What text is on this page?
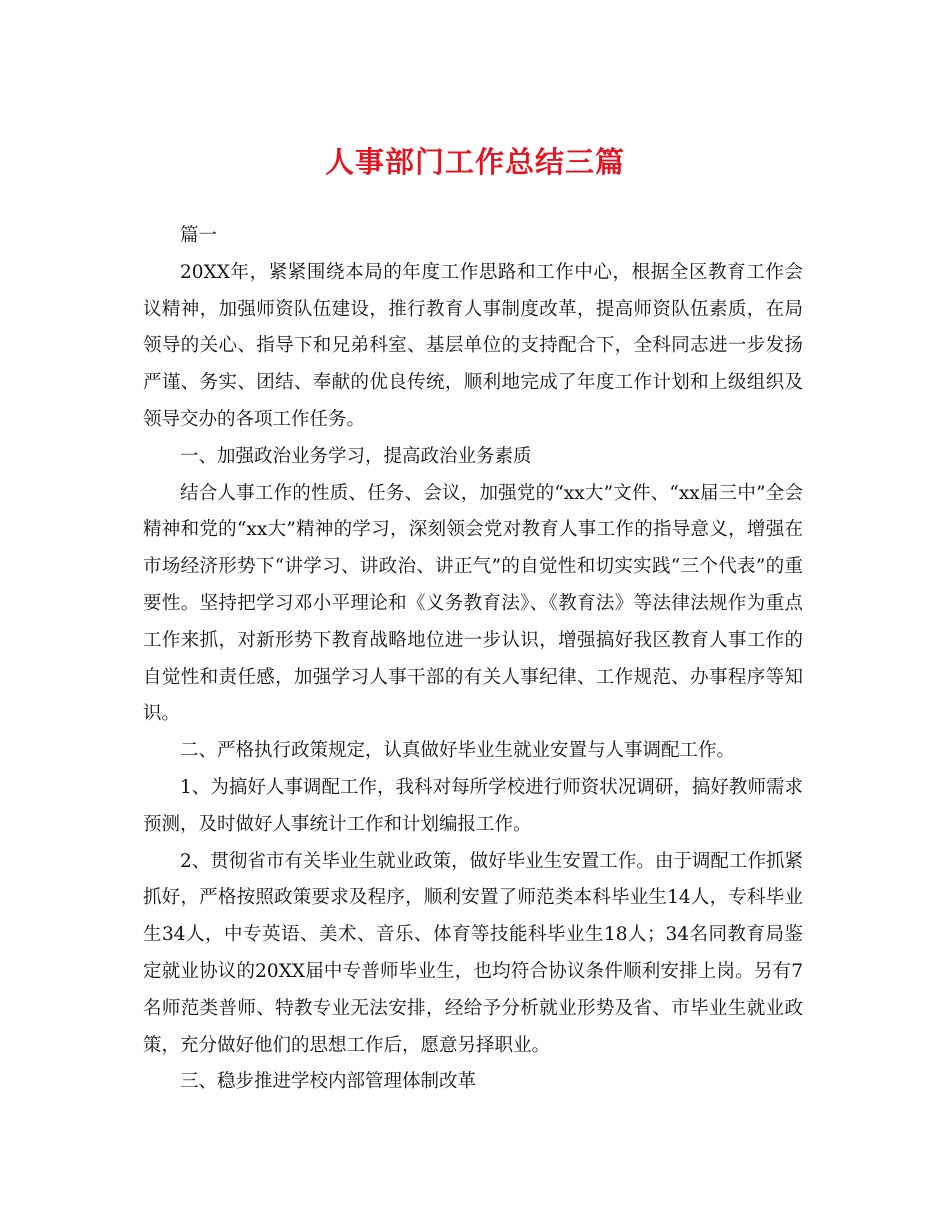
人事部门工作总结三篇

篇一

20XX年，紧紧围绕本局的年度工作思路和工作中心，根据全区教育工作会议精神，加强师资队伍建设，推行教育人事制度改革，提高师资队伍素质，在局领导的关心、指导下和兄弟科室、基层单位的支持配合下，全科同志进一步发扬严谨、务实、团结、奉献的优良传统，顺利地完成了年度工作计划和上级组织及领导交办的各项工作任务。

一、加强政治业务学习，提高政治业务素质

结合人事工作的性质、任务、会议，加强党的“xx大”文件、“xx届三中”全会精神和党的“xx大”精神的学习，深刻领会党对教育人事工作的指导意义，增强在市场经济形势下“讲学习、讲政治、讲正气”的自觉性和切实实践“三个代表”的重要性。坚持把学习邓小平理论和《义务教育法》、《教育法》等法律法规作为重点工作来抓，对新形势下教育战略地位进一步认识，增强搞好我区教育人事工作的自觉性和责任感，加强学习人事干部的有关人事纪律、工作规范、办事程序等知识。

二、严格执行政策规定，认真做好毕业生就业安置与人事调配工作。

1、为搞好人事调配工作，我科对每所学校进行师资状况调研，搞好教师需求预测，及时做好人事统计工作和计划编报工作。

2、贯彻省市有关毕业生就业政策，做好毕业生安置工作。由于调配工作抓紧抓好，严格按照政策要求及程序，顺利安置了师范类本科毕业生14人，专科毕业生34人，中专英语、美术、音乐、体育等技能科毕业生18人；34名同教育局鉴定就业协议的20XX届中专普师毕业生，也均符合协议条件顺利安排上岗。另有7名师范类普师、特教专业无法安排，经给予分析就业形势及省、市毕业生就业政策，充分做好他们的思想工作后，愿意另择职业。

三、稳步推进学校内部管理体制改革
